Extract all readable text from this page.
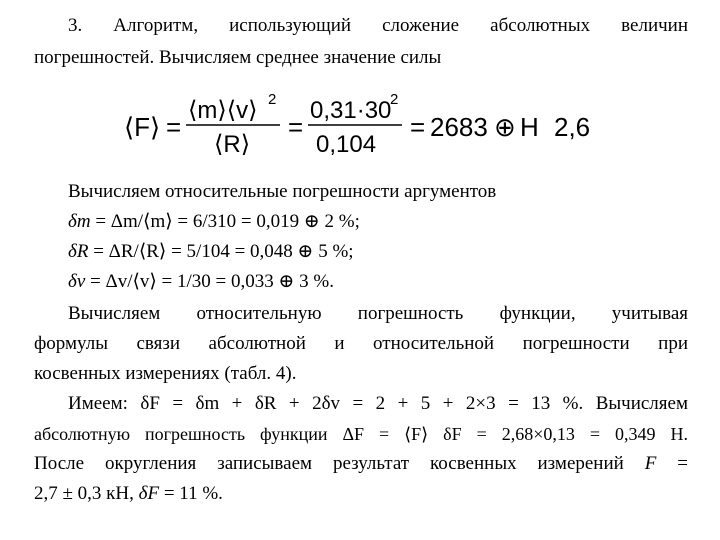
3. Алгоритм, использующий сложение абсолютных величин
погрешностей. Вычисляем среднее значение силы
⟨F⟩ =
⟨m⟩⟨v⟩ 2
⟨R⟩
=
0,31·30
2
0,104
= 2683 ⊕ Н 2,6
Вычисляем относительные погрешности аргументов
δm = Δm/⟨m⟩ = 6/310 = 0,019 ⊕ 2 %;
δR = ΔR/⟨R⟩ = 5/104 = 0,048 ⊕ 5 %;
δv = Δv/⟨v⟩ = 1/30 = 0,033 ⊕ 3 %.
Вычисляем относительную погрешность функции, учитывая
формулы связи абсолютной и относительной погрешности при
косвенных измерениях (табл. 4).
Имеем: δF = δm + δR + 2δv = 2 + 5 + 2×3 = 13 %. Вычисляем
абсолютную погрешность функции ΔF = ⟨F⟩ δF = 2,68×0,13 = 0,349 Н.
После округления записываем результат косвенных измерений F =
2,7 ± 0,3 кН, δF = 11 %.
